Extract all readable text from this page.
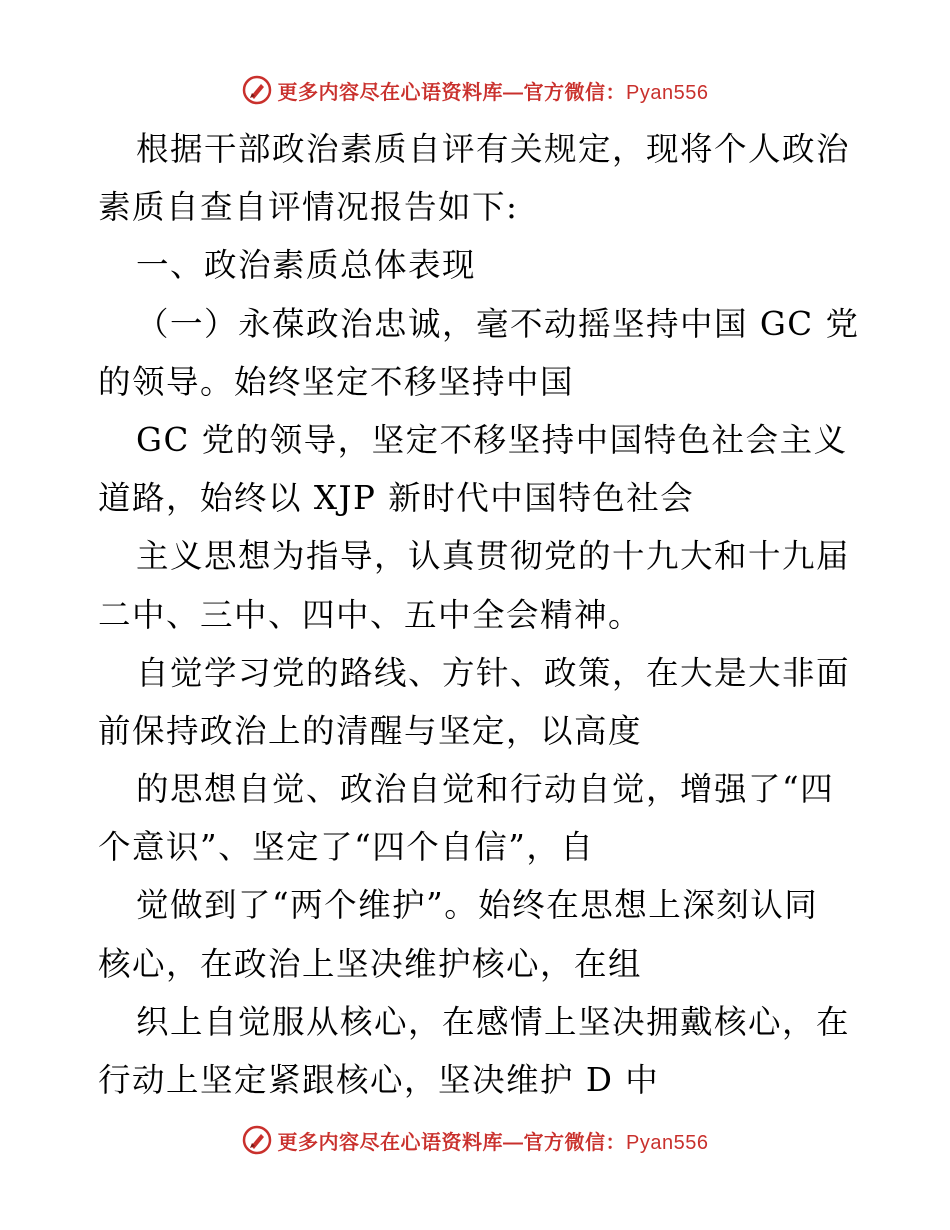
更多内容尽在心语资料库—官方微信：Pyan556
根据干部政治素质自评有关规定，现将个人政治
素质自查自评情况报告如下:
一、政治素质总体表现
（一）永葆政治忠诚，毫不动摇坚持中国 GC 党
的领导。始终坚定不移坚持中国
GC 党的领导，坚定不移坚持中国特色社会主义
道路，始终以 XJP 新时代中国特色社会
主义思想为指导，认真贯彻党的十九大和十九届
二中、三中、四中、五中全会精神。
自觉学习党的路线、方针、政策，在大是大非面
前保持政治上的清醒与坚定，以高度
的思想自觉、政治自觉和行动自觉，增强了“四
个意识”、坚定了“四个自信”，自
觉做到了“两个维护”。始终在思想上深刻认同
核心，在政治上坚决维护核心，在组
织上自觉服从核心，在感情上坚决拥戴核心，在
行动上坚定紧跟核心，坚决维护 D 中
更多内容尽在心语资料库—官方微信：Pyan556
